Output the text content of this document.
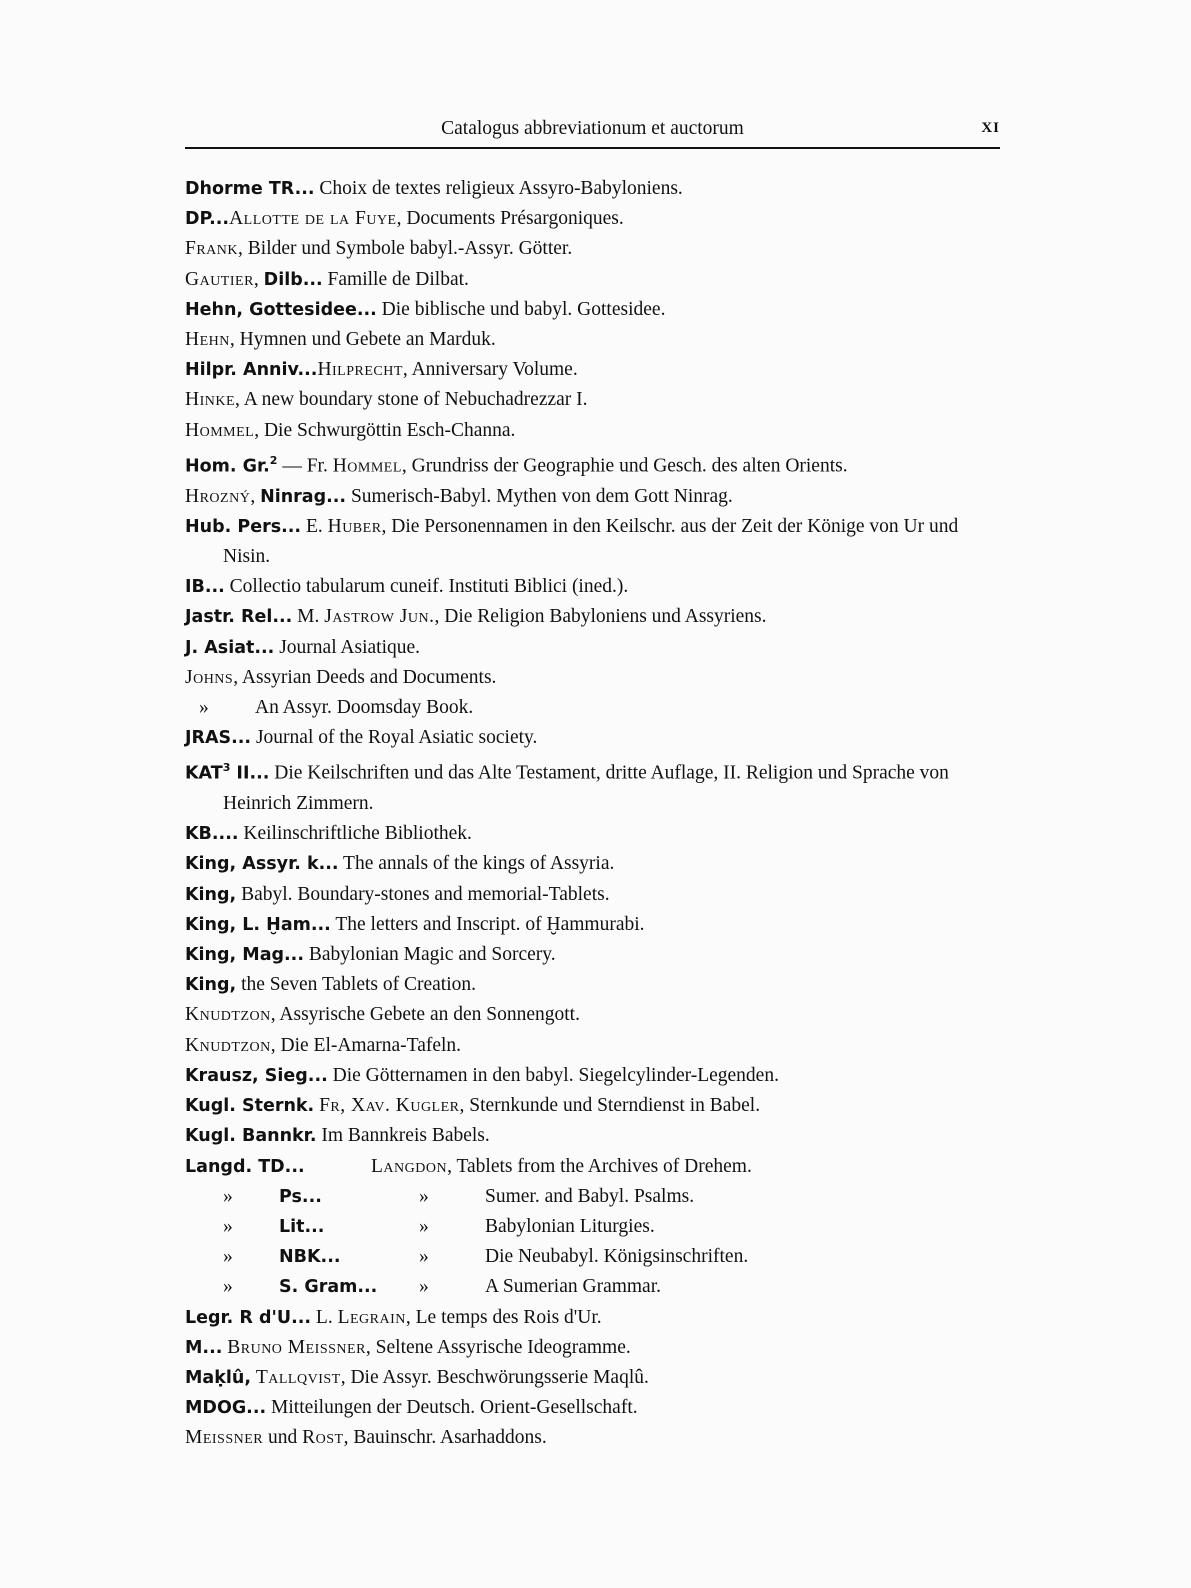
Catalogus abbreviationum et auctorum	XI
Dhorme TR... Choix de textes religieux Assyro-Babyloniens.
DP...Allotte de la Fuye, Documents Présargoniques.
Frank, Bilder und Symbole babyl.-Assyr. Götter.
Gautier, Dilb... Famille de Dilbat.
Hehn, Gottesidee... Die biblische und babyl. Gottesidee.
Hehn, Hymnen und Gebete an Marduk.
Hilpr. Anniv...Hilprecht, Anniversary Volume.
Hinke, A new boundary stone of Nebuchadrezzar I.
Hommel, Die Schwurgöttin Esch-Channa.
Hom. Gr.$^2$ — Fr. Hommel, Grundriss der Geographie und Gesch. des alten Orients.
Hrozný, Ninrag... Sumerisch-Babyl. Mythen von dem Gott Ninrag.
Hub. Pers... E. Huber, Die Personennamen in den Keilschr. aus der Zeit der Könige von Ur und Nisin.
IB... Collectio tabularum cuneif. Instituti Biblici (ined.).
Jastr. Rel... M. Jastrow Jun., Die Religion Babyloniens und Assyriens.
J. Asiat... Journal Asiatique.
Johns, Assyrian Deeds and Documents.
» An Assyr. Doomsday Book.
JRAS... Journal of the Royal Asiatic society.
KAT$^3$ II... Die Keilschriften und das Alte Testament, dritte Auflage, II. Religion und Sprache von Heinrich Zimmern.
KB.... Keilinschriftliche Bibliothek.
King, Assyr. k... The annals of the kings of Assyria.
King, Babyl. Boundary-stones and memorial-Tablets.
King, L. Ḫam... The letters and Inscript. of Ḫammurabi.
King, Mag... Babylonian Magic and Sorcery.
King, the Seven Tablets of Creation.
Knudtzon, Assyrische Gebete an den Sonnengott.
Knudtzon, Die El-Amarna-Tafeln.
Krausz, Sieg... Die Götternamen in den babyl. Siegelcylinder-Legenden.
Kugl. Sternk. Fr, Xav. Kugler, Sternkunde und Sterndienst in Babel.
Kugl. Bannkr. Im Bannkreis Babels.
Langd. TD...	Langdon, Tablets from the Archives of Drehem.
»	Ps...	»	Sumer. and Babyl. Psalms.
»	Lit...	»	Babylonian Liturgies.
»	NBK...	»	Die Neubabyl. Königsinschriften.
»	S. Gram... »	A Sumerian Grammar.
Legr. R d'U... L. Legrain, Le temps des Rois d'Ur.
M... Bruno Meissner, Seltene Assyrische Ideogramme.
Maḳlû, Tallqvist, Die Assyr. Beschwörungsserie Maqlû.
MDOG... Mitteilungen der Deutsch. Orient-Gesellschaft.
Meissner und Rost, Bauinschr. Asarhaddons.
